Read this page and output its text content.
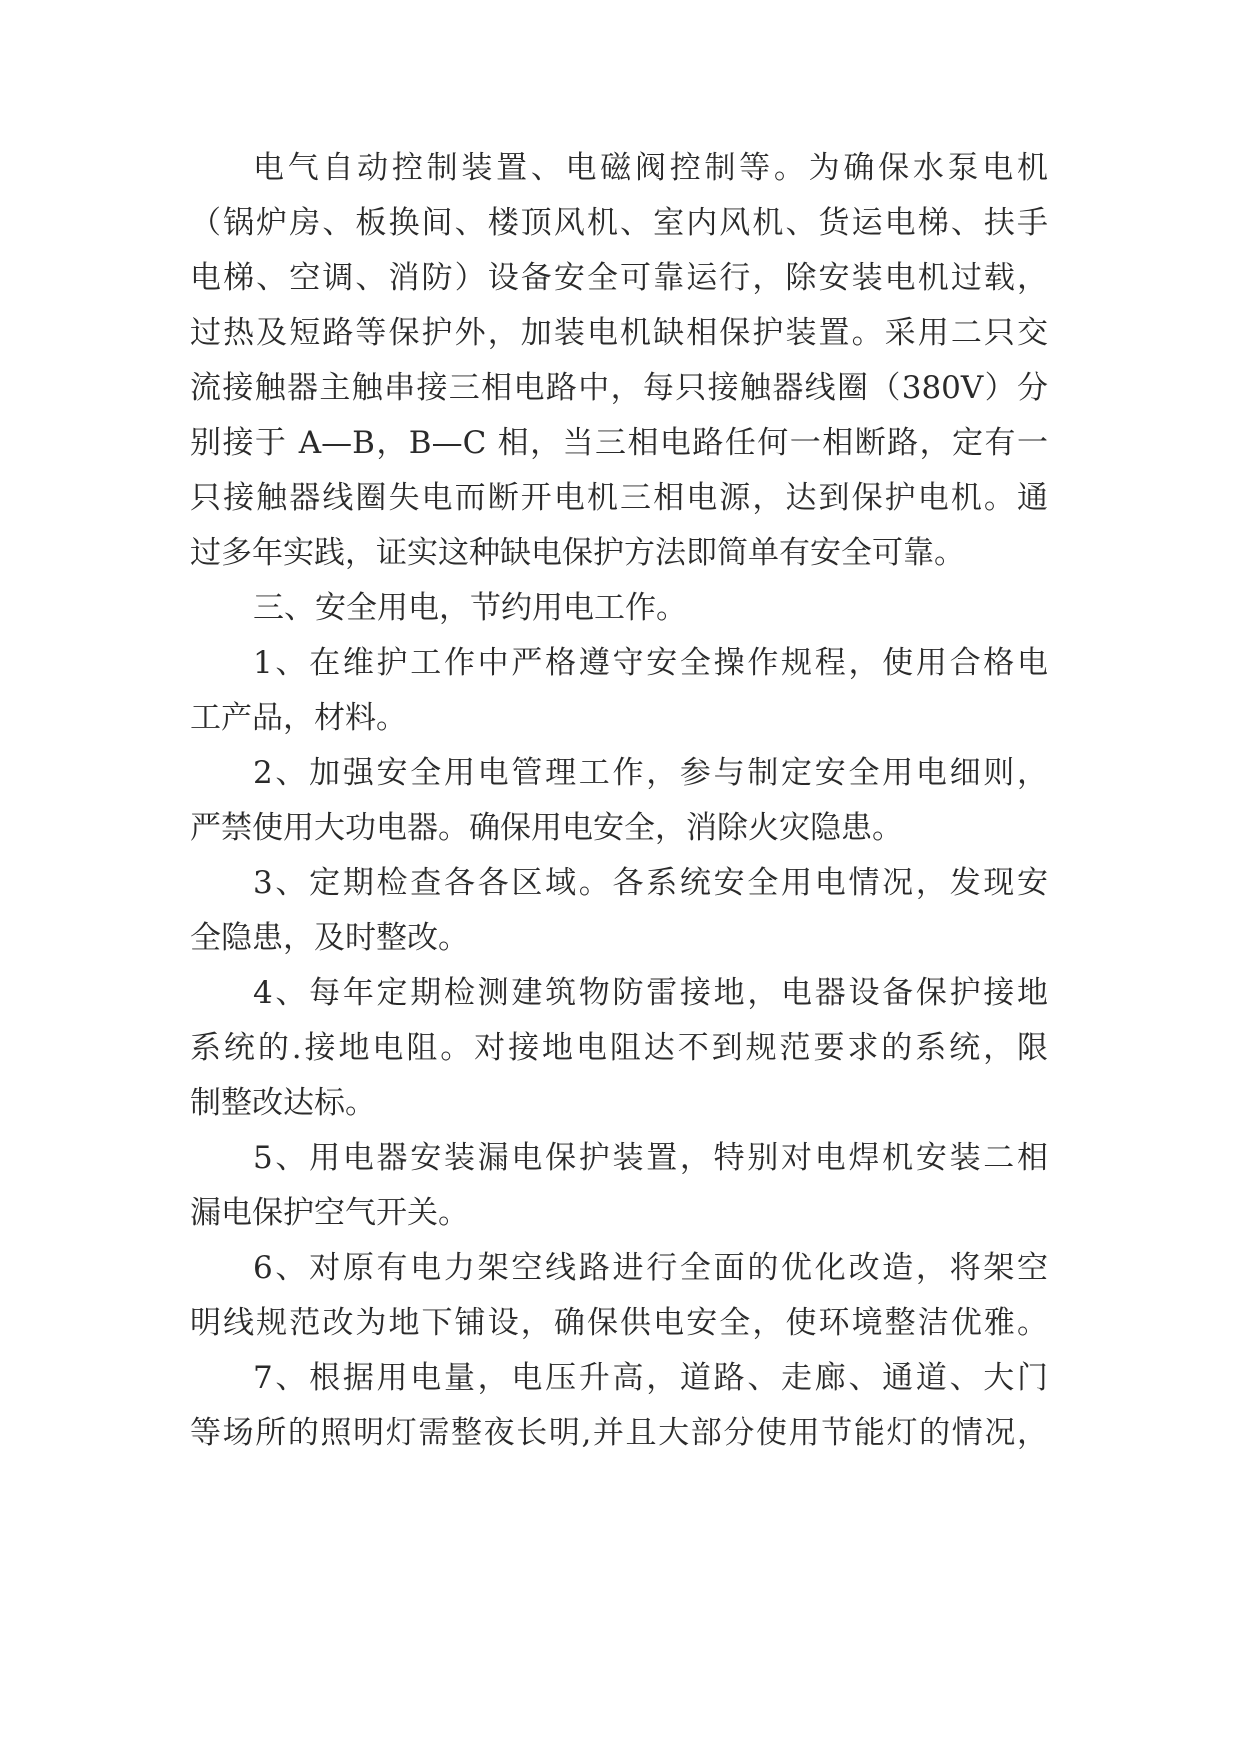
电气自动控制装置、电磁阀控制等。为确保水泵电机

（锅炉房、板换间、楼顶风机、室内风机、货运电梯、扶手

电梯、空调、消防）设备安全可靠运行，除安装电机过载，

过热及短路等保护外，加装电机缺相保护装置。采用二只交

流接触器主触串接三相电路中，每只接触器线圈（380V）分

别接于 A—B，B—C 相，当三相电路任何一相断路，定有一

只接触器线圈失电而断开电机三相电源，达到保护电机。通

过多年实践，证实这种缺电保护方法即简单有安全可靠。

三、安全用电，节约用电工作。

1、在维护工作中严格遵守安全操作规程，使用合格电

工产品，材料。

2、加强安全用电管理工作，参与制定安全用电细则，

严禁使用大功电器。确保用电安全，消除火灾隐患。

3、定期检查各各区域。各系统安全用电情况，发现安

全隐患，及时整改。

4、每年定期检测建筑物防雷接地，电器设备保护接地

系统的.接地电阻。对接地电阻达不到规范要求的系统，限

制整改达标。

5、用电器安装漏电保护装置，特别对电焊机安装二相

漏电保护空气开关。

6、对原有电力架空线路进行全面的优化改造，将架空

明线规范改为地下铺设，确保供电安全，使环境整洁优雅。

7、根据用电量，电压升高，道路、走廊、通道、大门

等场所的照明灯需整夜长明,并且大部分使用节能灯的情况，
